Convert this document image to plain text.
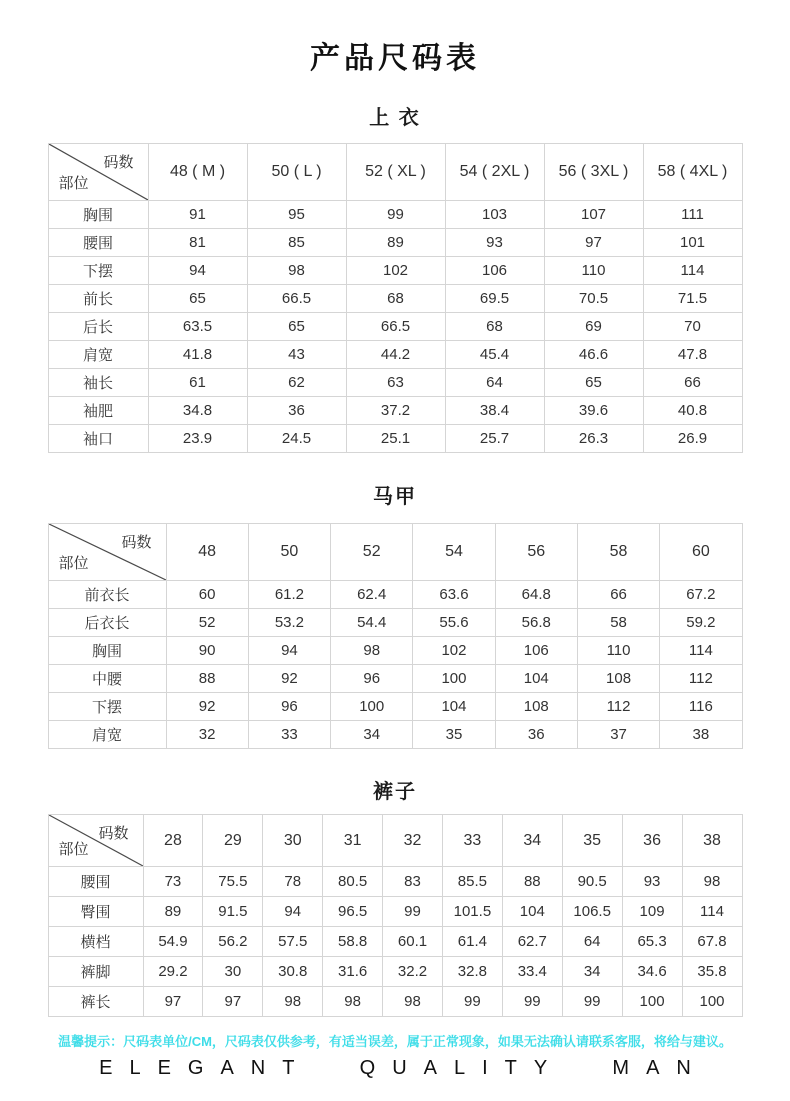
产品尺码表
上 衣
码数
部位	48 ( M )	50 ( L )	52 ( XL )	54 ( 2XL )	56 ( 3XL )	58 ( 4XL )
胸围	91	95	99	103	107	111
腰围	81	85	89	93	97	101
下摆	94	98	102	106	110	114
前长	65	66.5	68	69.5	70.5	71.5
后长	63.5	65	66.5	68	69	70
肩宽	41.8	43	44.2	45.4	46.6	47.8
袖长	61	62	63	64	65	66
袖肥	34.8	36	37.2	38.4	39.6	40.8
袖口	23.9	24.5	25.1	25.7	26.3	26.9
马甲
码数
部位	48	50	52	54	56	58	60
前衣长	60	61.2	62.4	63.6	64.8	66	67.2
后衣长	52	53.2	54.4	55.6	56.8	58	59.2
胸围	90	94	98	102	106	110	114
中腰	88	92	96	100	104	108	112
下摆	92	96	100	104	108	112	116
肩宽	32	33	34	35	36	37	38
裤子
码数
部位	28	29	30	31	32	33	34	35	36	38
腰围	73	75.5	78	80.5	83	85.5	88	90.5	93	98
臀围	89	91.5	94	96.5	99	101.5	104	106.5	109	114
横档	54.9	56.2	57.5	58.8	60.1	61.4	62.7	64	65.3	67.8
裤脚	29.2	30	30.8	31.6	32.2	32.8	33.4	34	34.6	35.8
裤长	97	97	98	98	98	99	99	99	100	100
温馨提示：尺码表单位/CM，尺码表仅供参考，有适当误差，属于正常现象，如果无法确认请联系客服，将给与建议。
ELEGANT QUALITY MAN
